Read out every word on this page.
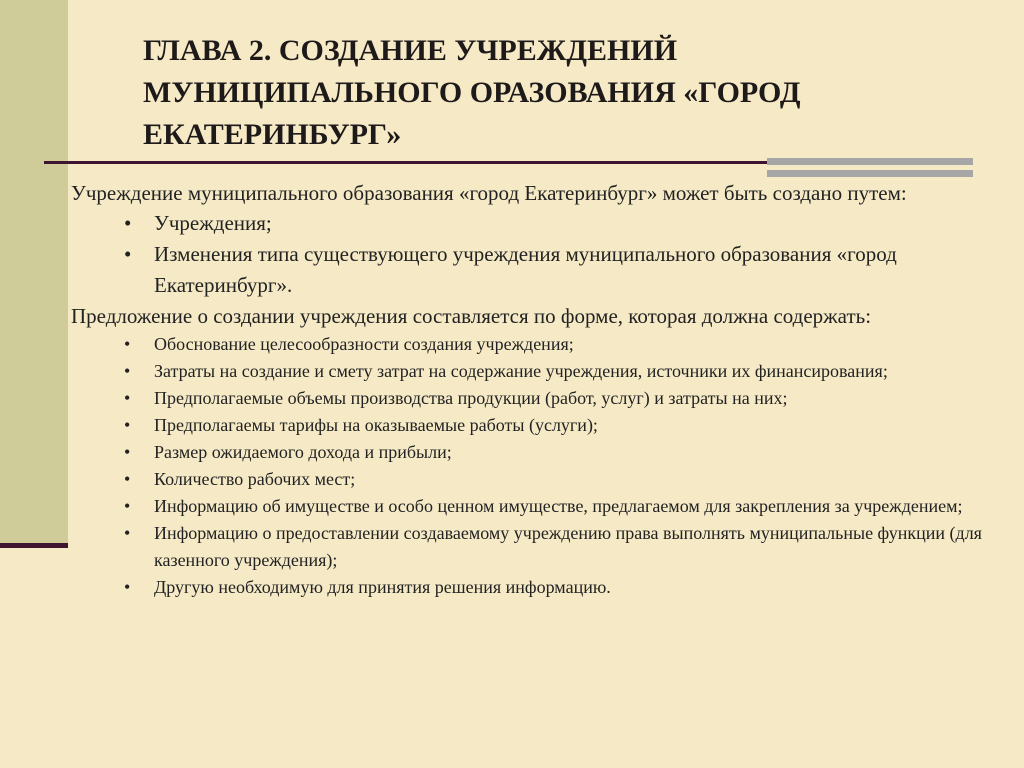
ГЛАВА 2. СОЗДАНИЕ УЧРЕЖДЕНИЙ МУНИЦИПАЛЬНОГО ОРАЗОВАНИЯ «ГОРОД ЕКАТЕРИНБУРГ»

Учреждение муниципального образования «город Екатеринбург» может быть создано путем:

• Учреждения;
• Изменения типа существующего учреждения муниципального образования «город Екатеринбург».

Предложение о создании учреждения составляется по форме, которая должна содержать:

• Обоснование целесообразности создания учреждения;
• Затраты на создание и смету затрат на содержание учреждения, источники их финансирования;
• Предполагаемые объемы производства продукции (работ, услуг) и затраты на них;
• Предполагаемы тарифы на оказываемые работы (услуги);
• Размер ожидаемого дохода и прибыли;
• Количество рабочих мест;
• Информацию об имуществе и особо ценном имуществе, предлагаемом для закрепления за учреждением;
• Информацию о предоставлении создаваемому учреждению права выполнять муниципальные функции (для казенного учреждения);
• Другую необходимую для принятия решения информацию.
